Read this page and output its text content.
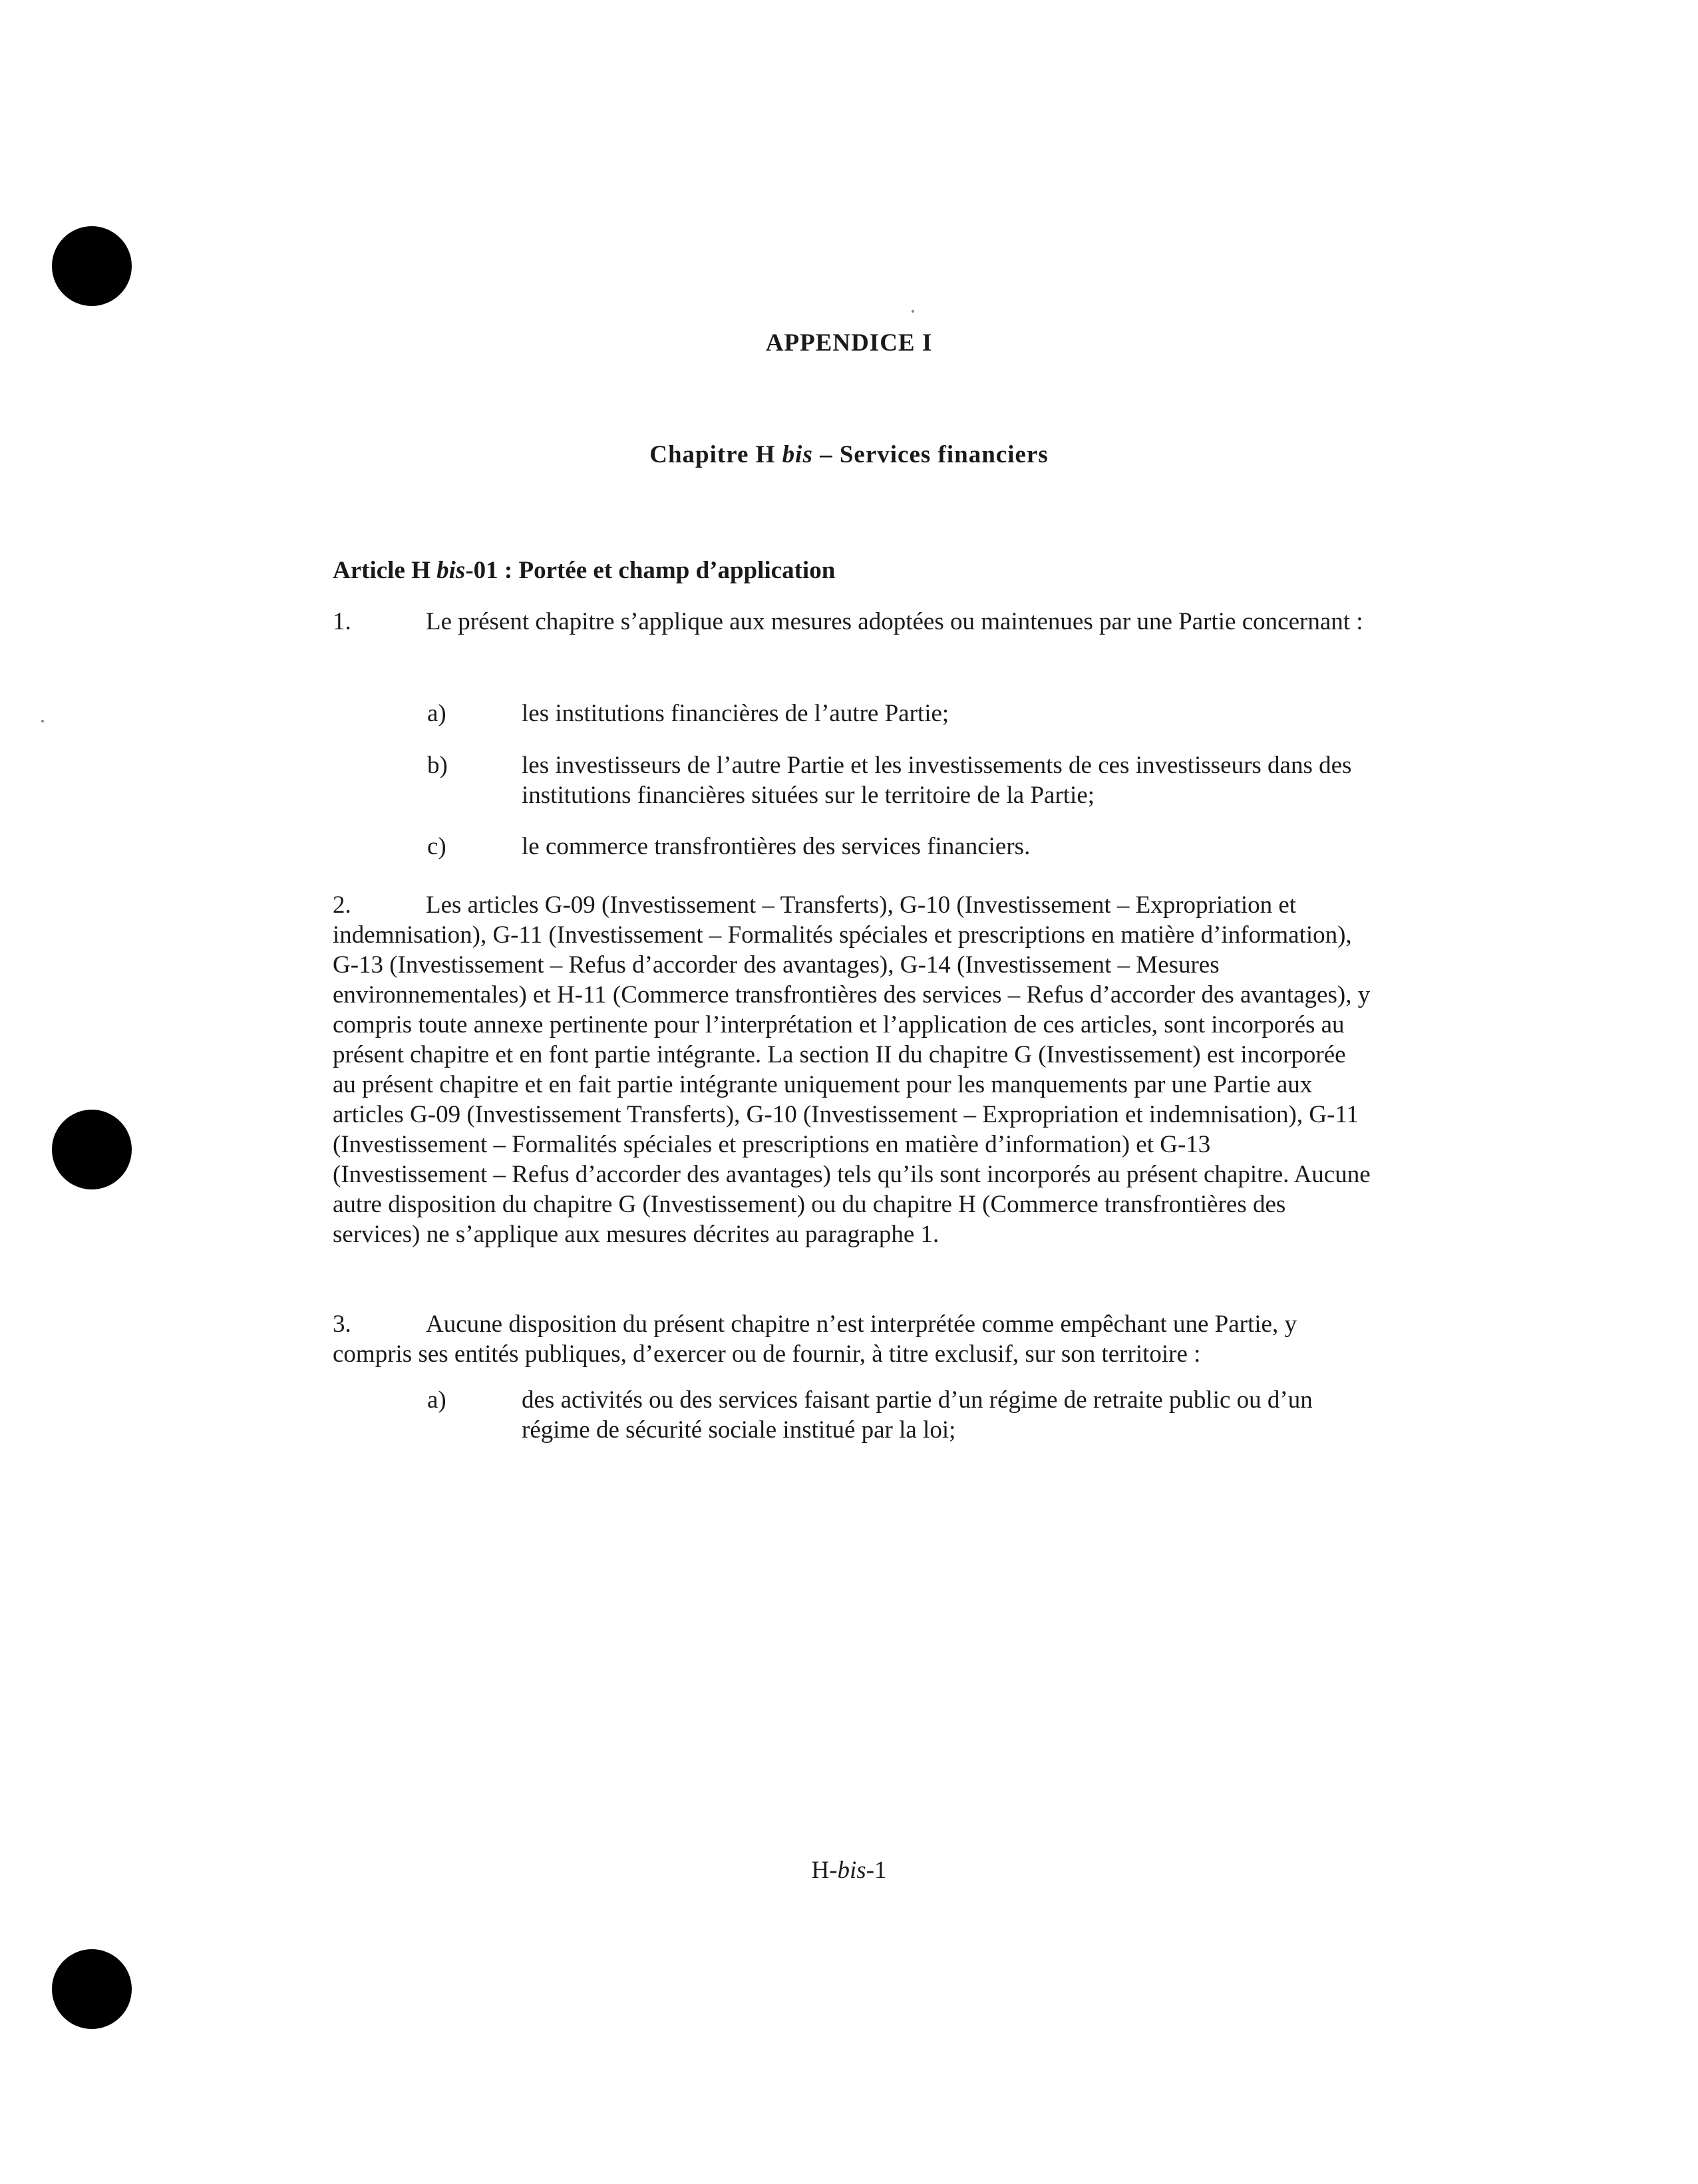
APPENDICE I
Chapitre H bis – Services financiers
Article H bis-01 : Portée et champ d’application
1.	Le présent chapitre s’applique aux mesures adoptées ou maintenues par une Partie concernant :
a)	les institutions financières de l’autre Partie;
b)	les investisseurs de l’autre Partie et les investissements de ces investisseurs dans des institutions financières situées sur le territoire de la Partie;
c)	le commerce transfrontières des services financiers.
2.	Les articles G-09 (Investissement – Transferts), G-10 (Investissement – Expropriation et indemnisation), G-11 (Investissement – Formalités spéciales et prescriptions en matière d’information), G-13 (Investissement – Refus d’accorder des avantages), G-14 (Investissement – Mesures environnementales) et H-11 (Commerce transfrontières des services – Refus d’accorder des avantages), y compris toute annexe pertinente pour l’interprétation et l’application de ces articles, sont incorporés au présent chapitre et en font partie intégrante. La section II du chapitre G (Investissement) est incorporée au présent chapitre et en fait partie intégrante uniquement pour les manquements par une Partie aux articles G-09 (Investissement Transferts), G-10 (Investissement – Expropriation et indemnisation), G-11 (Investissement – Formalités spéciales et prescriptions en matière d’information) et G-13 (Investissement – Refus d’accorder des avantages) tels qu’ils sont incorporés au présent chapitre. Aucune autre disposition du chapitre G (Investissement) ou du chapitre H (Commerce transfrontières des services) ne s’applique aux mesures décrites au paragraphe 1.
3.	Aucune disposition du présent chapitre n’est interprétée comme empêchant une Partie, y compris ses entités publiques, d’exercer ou de fournir, à titre exclusif, sur son territoire :
a)	des activités ou des services faisant partie d’un régime de retraite public ou d’un régime de sécurité sociale institué par la loi;
H-bis-1
